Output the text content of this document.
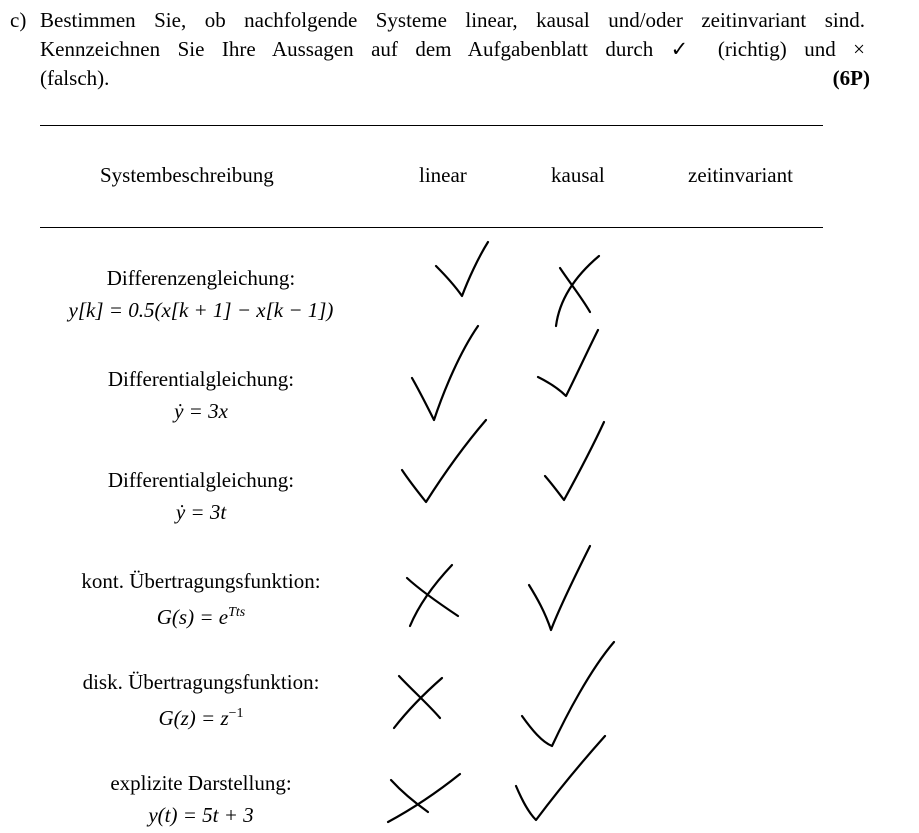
c) Bestimmen Sie, ob nachfolgende Systeme linear, kausal und/oder zeitinvariant sind.
Kennzeichnen Sie Ihre Aussagen auf dem Aufgabenblatt durch ✓ (richtig) und ×
(falsch).	(6P)
Systembeschreibung	linear	kausal	zeitinvariant
Differenzengleichung:
y[k] = 0.5(x[k + 1] − x[k − 1])
Differentialgleichung:
ẏ = 3x
Differentialgleichung:
ẏ = 3t
kont. Übertragungsfunktion:
$G(s) = e^{Tts}$
disk. Übertragungsfunktion:
$G(z) = z^{-1}$
explizite Darstellung:
y(t) = 5t + 3
